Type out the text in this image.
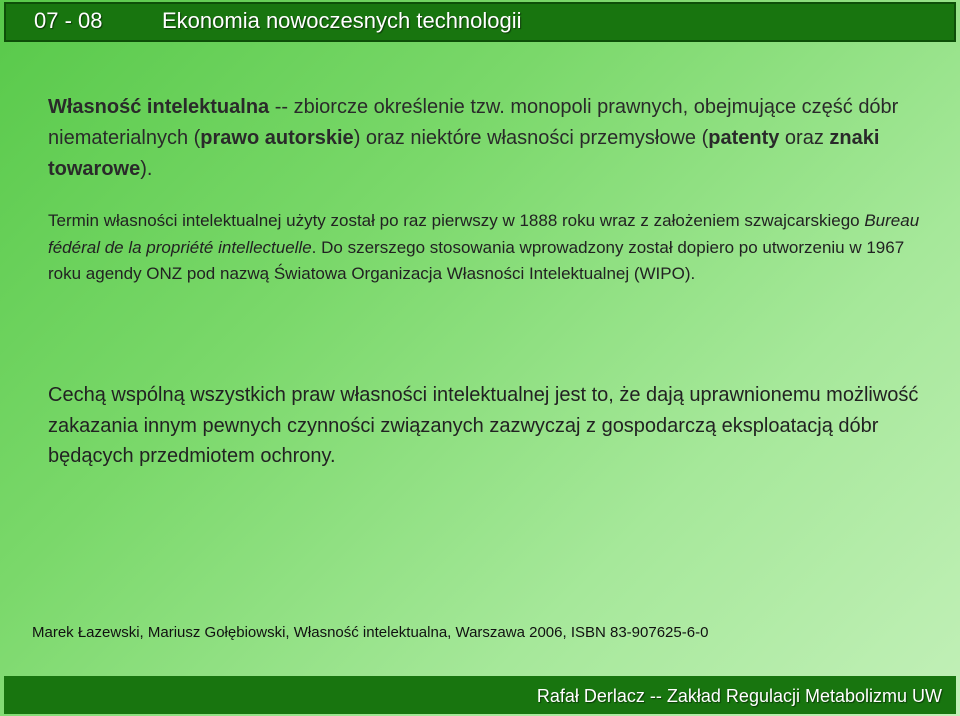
07 - 08	Ekonomia nowoczesnych technologii
Własność intelektualna -- zbiorcze określenie tzw. monopoli prawnych, obejmujące część dóbr niematerialnych (prawo autorskie) oraz niektóre własności przemysłowe (patenty oraz znaki towarowe).
Termin własności intelektualnej użyty został po raz pierwszy w 1888 roku wraz z założeniem szwajcarskiego Bureau fédéral de la propriété intellectuelle. Do szerszego stosowania wprowadzony został dopiero po utworzeniu w 1967 roku agendy ONZ pod nazwą Światowa Organizacja Własności Intelektualnej (WIPO).
Cechą wspólną wszystkich praw własności intelektualnej jest to, że dają uprawnionemu możliwość zakazania innym pewnych czynności związanych zazwyczaj z gospodarczą eksploatacją dóbr będących przedmiotem ochrony.
Marek Łazewski, Mariusz Gołębiowski, Własność intelektualna, Warszawa 2006, ISBN 83-907625-6-0
Rafał Derlacz -- Zakład Regulacji Metabolizmu UW
